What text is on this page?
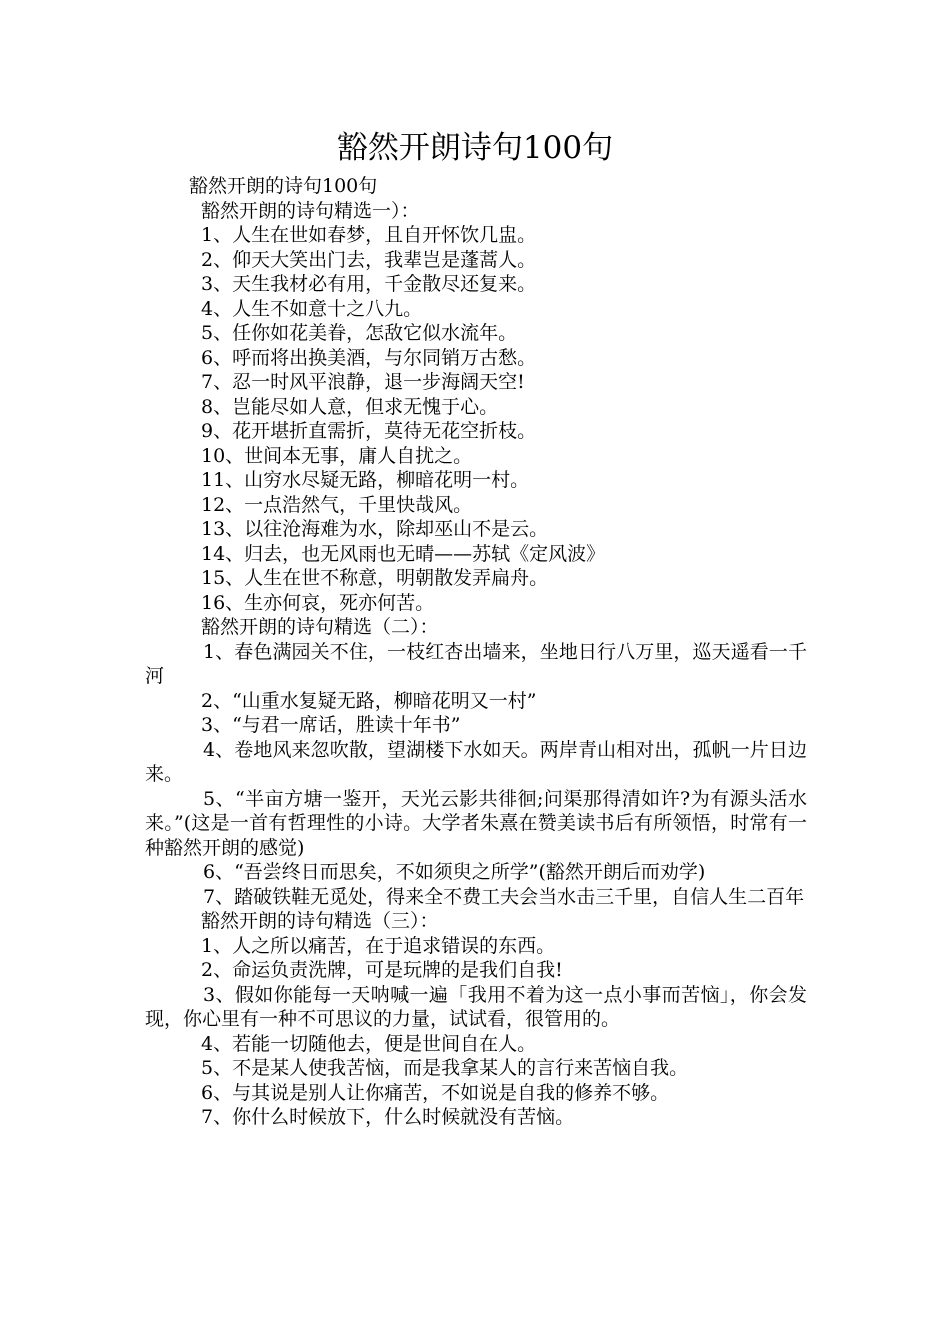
豁然开朗诗句100句

豁然开朗的诗句100句

豁然开朗的诗句精选一）：

1、人生在世如春梦，且自开怀饮几盅。

2、仰天大笑出门去，我辈岂是蓬蒿人。

3、天生我材必有用，千金散尽还复来。

4、人生不如意十之八九。

5、任你如花美眷，怎敌它似水流年。

6、呼而将出换美酒，与尔同销万古愁。

7、忍一时风平浪静，退一步海阔天空!

8、岂能尽如人意，但求无愧于心。

9、花开堪折直需折，莫待无花空折枝。

10、世间本无事，庸人自扰之。

11、山穷水尽疑无路，柳暗花明一村。

12、一点浩然气，千里快哉风。

13、以往沧海难为水，除却巫山不是云。

14、归去，也无风雨也无晴——苏轼《定风波》

15、人生在世不称意，明朝散发弄扁舟。

16、生亦何哀，死亦何苦。

豁然开朗的诗句精选（二）：

1、春色满园关不住，一枝红杏出墙来，坐地日行八万里，巡天遥看一千河

2、“山重水复疑无路，柳暗花明又一村”

3、“与君一席话，胜读十年书”

4、卷地风来忽吹散，望湖楼下水如天。两岸青山相对出，孤帆一片日边来。

5、“半亩方塘一鉴开，天光云影共徘徊;问渠那得清如许?为有源头活水来。”(这是一首有哲理性的小诗。大学者朱熹在赞美读书后有所领悟，时常有一种豁然开朗的感觉)

6、“吾尝终日而思矣，不如须臾之所学”(豁然开朗后而劝学)

7、踏破铁鞋无觅处，得来全不费工夫会当水击三千里，自信人生二百年

豁然开朗的诗句精选（三）：

1、人之所以痛苦，在于追求错误的东西。

2、命运负责洗牌，可是玩牌的是我们自我!

3、假如你能每一天呐喊一遍「我用不着为这一点小事而苦恼」，你会发现，你心里有一种不可思议的力量，试试看，很管用的。

4、若能一切随他去，便是世间自在人。

5、不是某人使我苦恼，而是我拿某人的言行来苦恼自我。

6、与其说是别人让你痛苦，不如说是自我的修养不够。

7、你什么时候放下，什么时候就没有苦恼。
